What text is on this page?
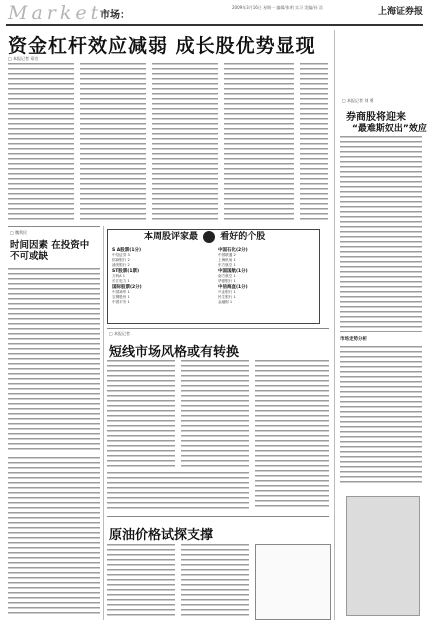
Market
市场：
2009年3月16日 星期一 编辑/张明 实习 美编/孙 浩	上海证券报
资金杠杆效应减弱 成长股优势显现
□ 本报记者 章宣
□ 本报记者 刘 勇
券商股将迎来
“最难斯奴出”效应
市场走势分析
□ 魏利民
时间因素 在投资中不可或缺
本周股评家最 看好的个股
S A股票(1分)
中信证券 3
招商银行 2
浦发银行 2
ST股票(1票)
万科A 1
长江电力 1
国际股票(2分)
中国神华 1
宝钢股份 1
中国平安 1
中国石化(2分)
中国联通 2
上海机场 1
东方航空 1
中国国航(1分)
南方航空 1
华夏银行 1
中信海直(1分)
兴业银行 1
民生银行 1
金融街 1
□ 本报记者
短线市场风格或有转换
原油价格试探支撑
